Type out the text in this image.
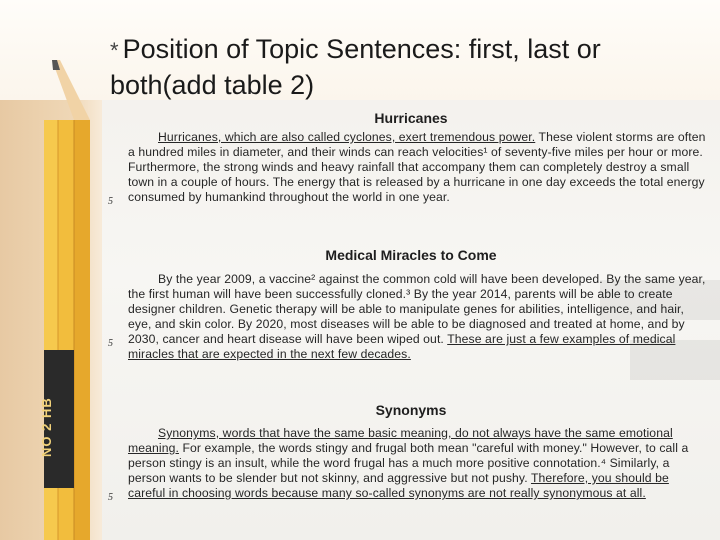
* Position of Topic Sentences: first, last or both(add table 2)
NO 2 HB
Hurricanes
5
Hurricanes, which are also called cyclones, exert tremendous power. These violent storms are often a hundred miles in diameter, and their winds can reach velocities¹ of seventy-five miles per hour or more. Furthermore, the strong winds and heavy rainfall that accompany them can completely destroy a small town in a couple of hours. The energy that is released by a hurricane in one day exceeds the total energy consumed by humankind throughout the world in one year.
Medical Miracles to Come
5
By the year 2009, a vaccine² against the common cold will have been developed. By the same year, the first human will have been successfully cloned.³ By the year 2014, parents will be able to create designer children. Genetic therapy will be able to manipulate genes for abilities, intelligence, and hair, eye, and skin color. By 2020, most diseases will be able to be diagnosed and treated at home, and by 2030, cancer and heart disease will have been wiped out. These are just a few examples of medical miracles that are expected in the next few decades.
Synonyms
5
Synonyms, words that have the same basic meaning, do not always have the same emotional meaning. For example, the words stingy and frugal both mean "careful with money." However, to call a person stingy is an insult, while the word frugal has a much more positive connotation.⁴ Similarly, a person wants to be slender but not skinny, and aggressive but not pushy. Therefore, you should be careful in choosing words because many so-called synonyms are not really synonymous at all.
